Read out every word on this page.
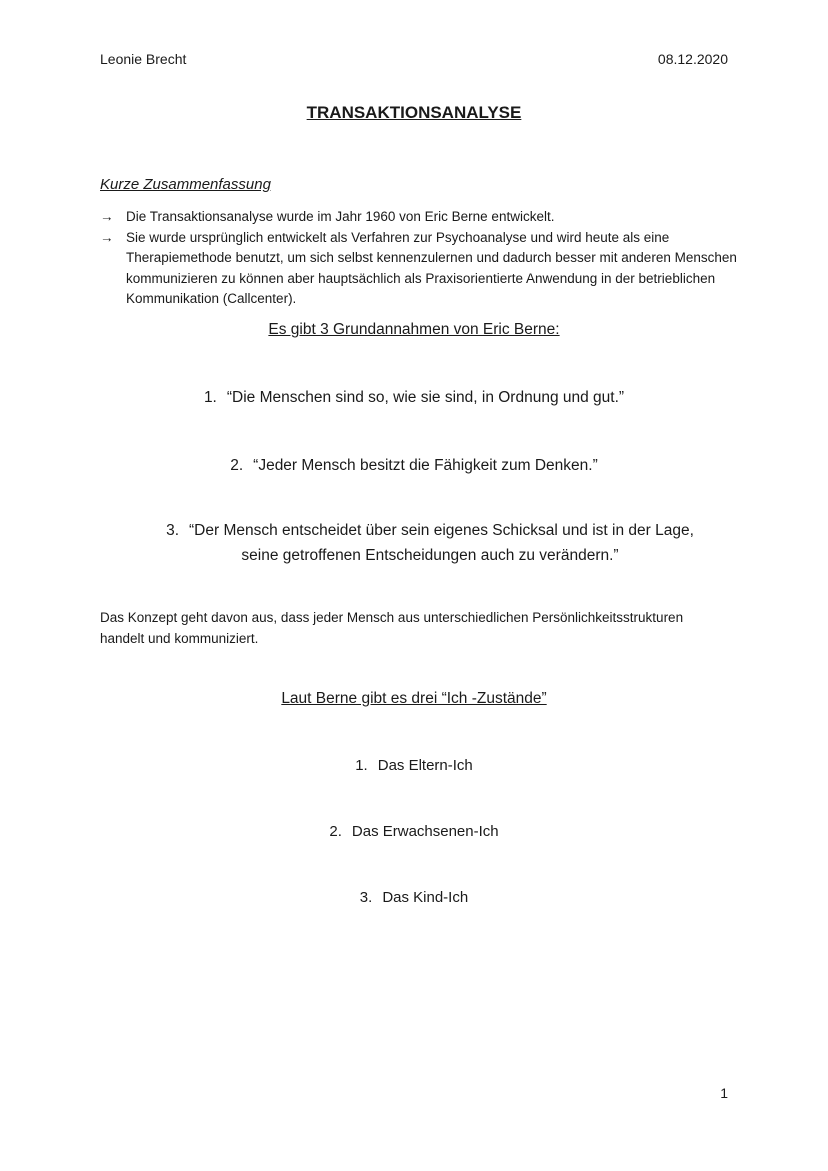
Leonie Brecht	08.12.2020
TRANSAKTIONSANALYSE
Kurze Zusammenfassung
→ Die Transaktionsanalyse wurde im Jahr 1960 von Eric Berne entwickelt.
→ Sie wurde ursprünglich entwickelt als Verfahren zur Psychoanalyse und wird heute als eine Therapiemethode benutzt, um sich selbst kennenzulernen und dadurch besser mit anderen Menschen kommunizieren zu können aber hauptsächlich als Praxisorientierte Anwendung in der betrieblichen Kommunikation (Callcenter).
Es gibt 3 Grundannahmen von Eric Berne:
1. “Die Menschen sind so, wie sie sind, in Ordnung und gut.”
2. “Jeder Mensch besitzt die Fähigkeit zum Denken.”
3. “Der Mensch entscheidet über sein eigenes Schicksal und ist in der Lage, seine getroffenen Entscheidungen auch zu verändern.”
Das Konzept geht davon aus, dass jeder Mensch aus unterschiedlichen Persönlichkeitsstrukturen handelt und kommuniziert.
Laut Berne gibt es drei “Ich -Zustände”
1. Das Eltern-Ich
2. Das Erwachsenen-Ich
3. Das Kind-Ich
1
